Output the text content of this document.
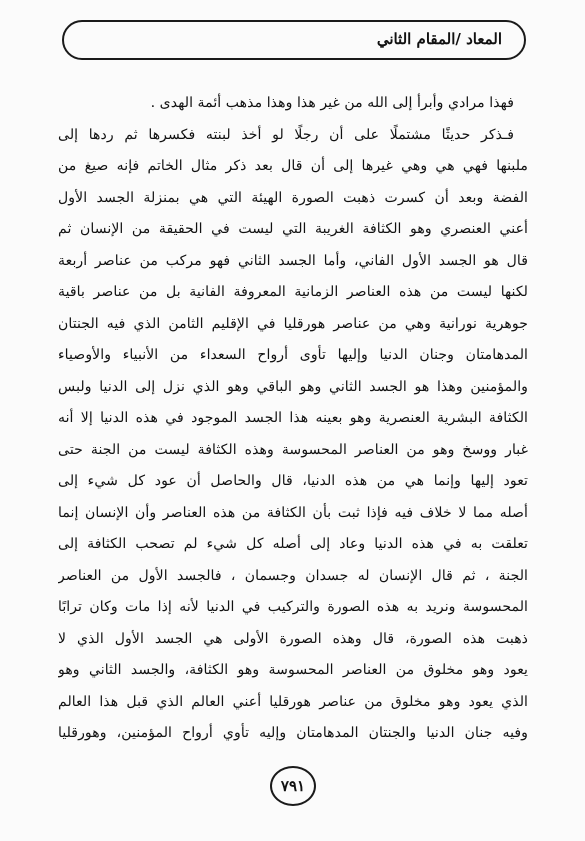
المعاد /المقام الثاني
فهذا مرادي وأبرأ إلى الله من غير هذا وهذا مذهب أئمة الهدى .
فـذكر حديثًا مشتملًا على أن رجلًا لو أخذ لبنته فكسرها ثم ردها إلى
ملبنها فهي هي وهي غيرها إلى أن قال بعد ذكر مثال الخاتم فإنه صيغ من
الفضة وبعد أن كسرت ذهبت الصورة الهيئة التي هي بمنزلة الجسد الأول
أعني العنصري وهو الكثافة الغريبة التي ليست في الحقيقة من الإنسان ثم
قال هو الجسد الأول الفاني، وأما الجسد الثاني فهو مركب من عناصر أربعة
لكنها ليست من هذه العناصر الزمانية المعروفة الفانية بل من عناصر باقية
جوهرية نورانية وهي من عناصر هورقليا في الإقليم الثامن الذي فيه الجنتان
المدهامتان وجنان الدنيا وإليها تأوى أرواح السعداء من الأنبياء والأوصياء
والمؤمنين وهذا هو الجسد الثاني وهو الباقي وهو الذي نزل إلى الدنيا ولبس
الكثافة البشرية العنصرية وهو بعينه هذا الجسد الموجود في هذه الدنيا إلا أنه
غبار ووسخ وهو من العناصر المحسوسة وهذه الكثافة ليست من الجنة حتى
تعود إليها وإنما هي من هذه الدنيا، قال والحاصل أن عود كل شيء إلى
أصله مما لا خلاف فيه فإذا ثبت بأن الكثافة من هذه العناصر وأن الإنسان إنما
تعلقت به في هذه الدنيا وعاد إلى أصله كل شيء لم تصحب الكثافة إلى
الجنة ، ثم قال الإنسان له جسدان وجسمان ، فالجسد الأول من العناصر
المحسوسة ونريد به هذه الصورة والتركيب في الدنيا لأنه إذا مات وكان ترابًا
ذهبت هذه الصورة، قال وهذه الصورة الأولى هي الجسد الأول الذي لا
يعود وهو مخلوق من العناصر المحسوسة وهو الكثافة، والجسد الثاني وهو
الذي يعود وهو مخلوق من عناصر هورقليا أعني العالم الذي قبل هذا العالم
وفيه جنان الدنيا والجنتان المدهامتان وإليه تأوي أرواح المؤمنين، وهورقليا
٧٩١
